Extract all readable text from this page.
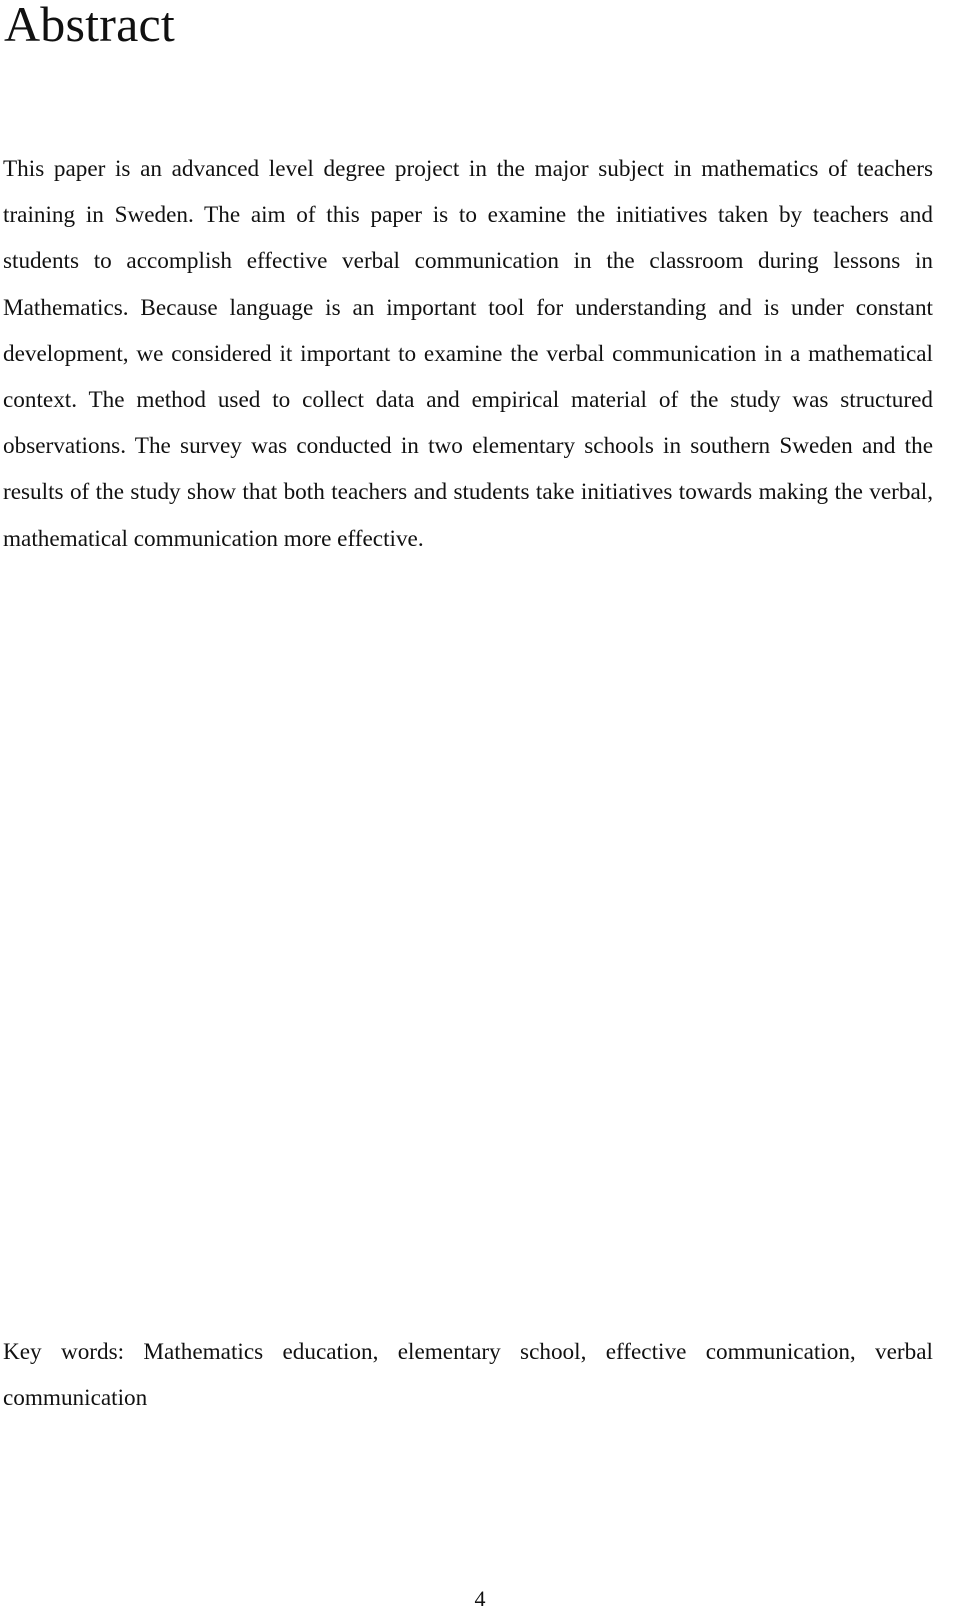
Abstract

This paper is an advanced level degree project in the major subject in mathematics of teachers training in Sweden. The aim of this paper is to examine the initiatives taken by teachers and students to accomplish effective verbal communication in the classroom during lessons in Mathematics. Because language is an important tool for understanding and is under constant development, we considered it important to examine the verbal communication in a mathematical context. The method used to collect data and empirical material of the study was structured observations. The survey was conducted in two elementary schools in southern Sweden and the results of the study show that both teachers and students take initiatives towards making the verbal, mathematical communication more effective.

Key words: Mathematics education, elementary school, effective communication, verbal communication

4
